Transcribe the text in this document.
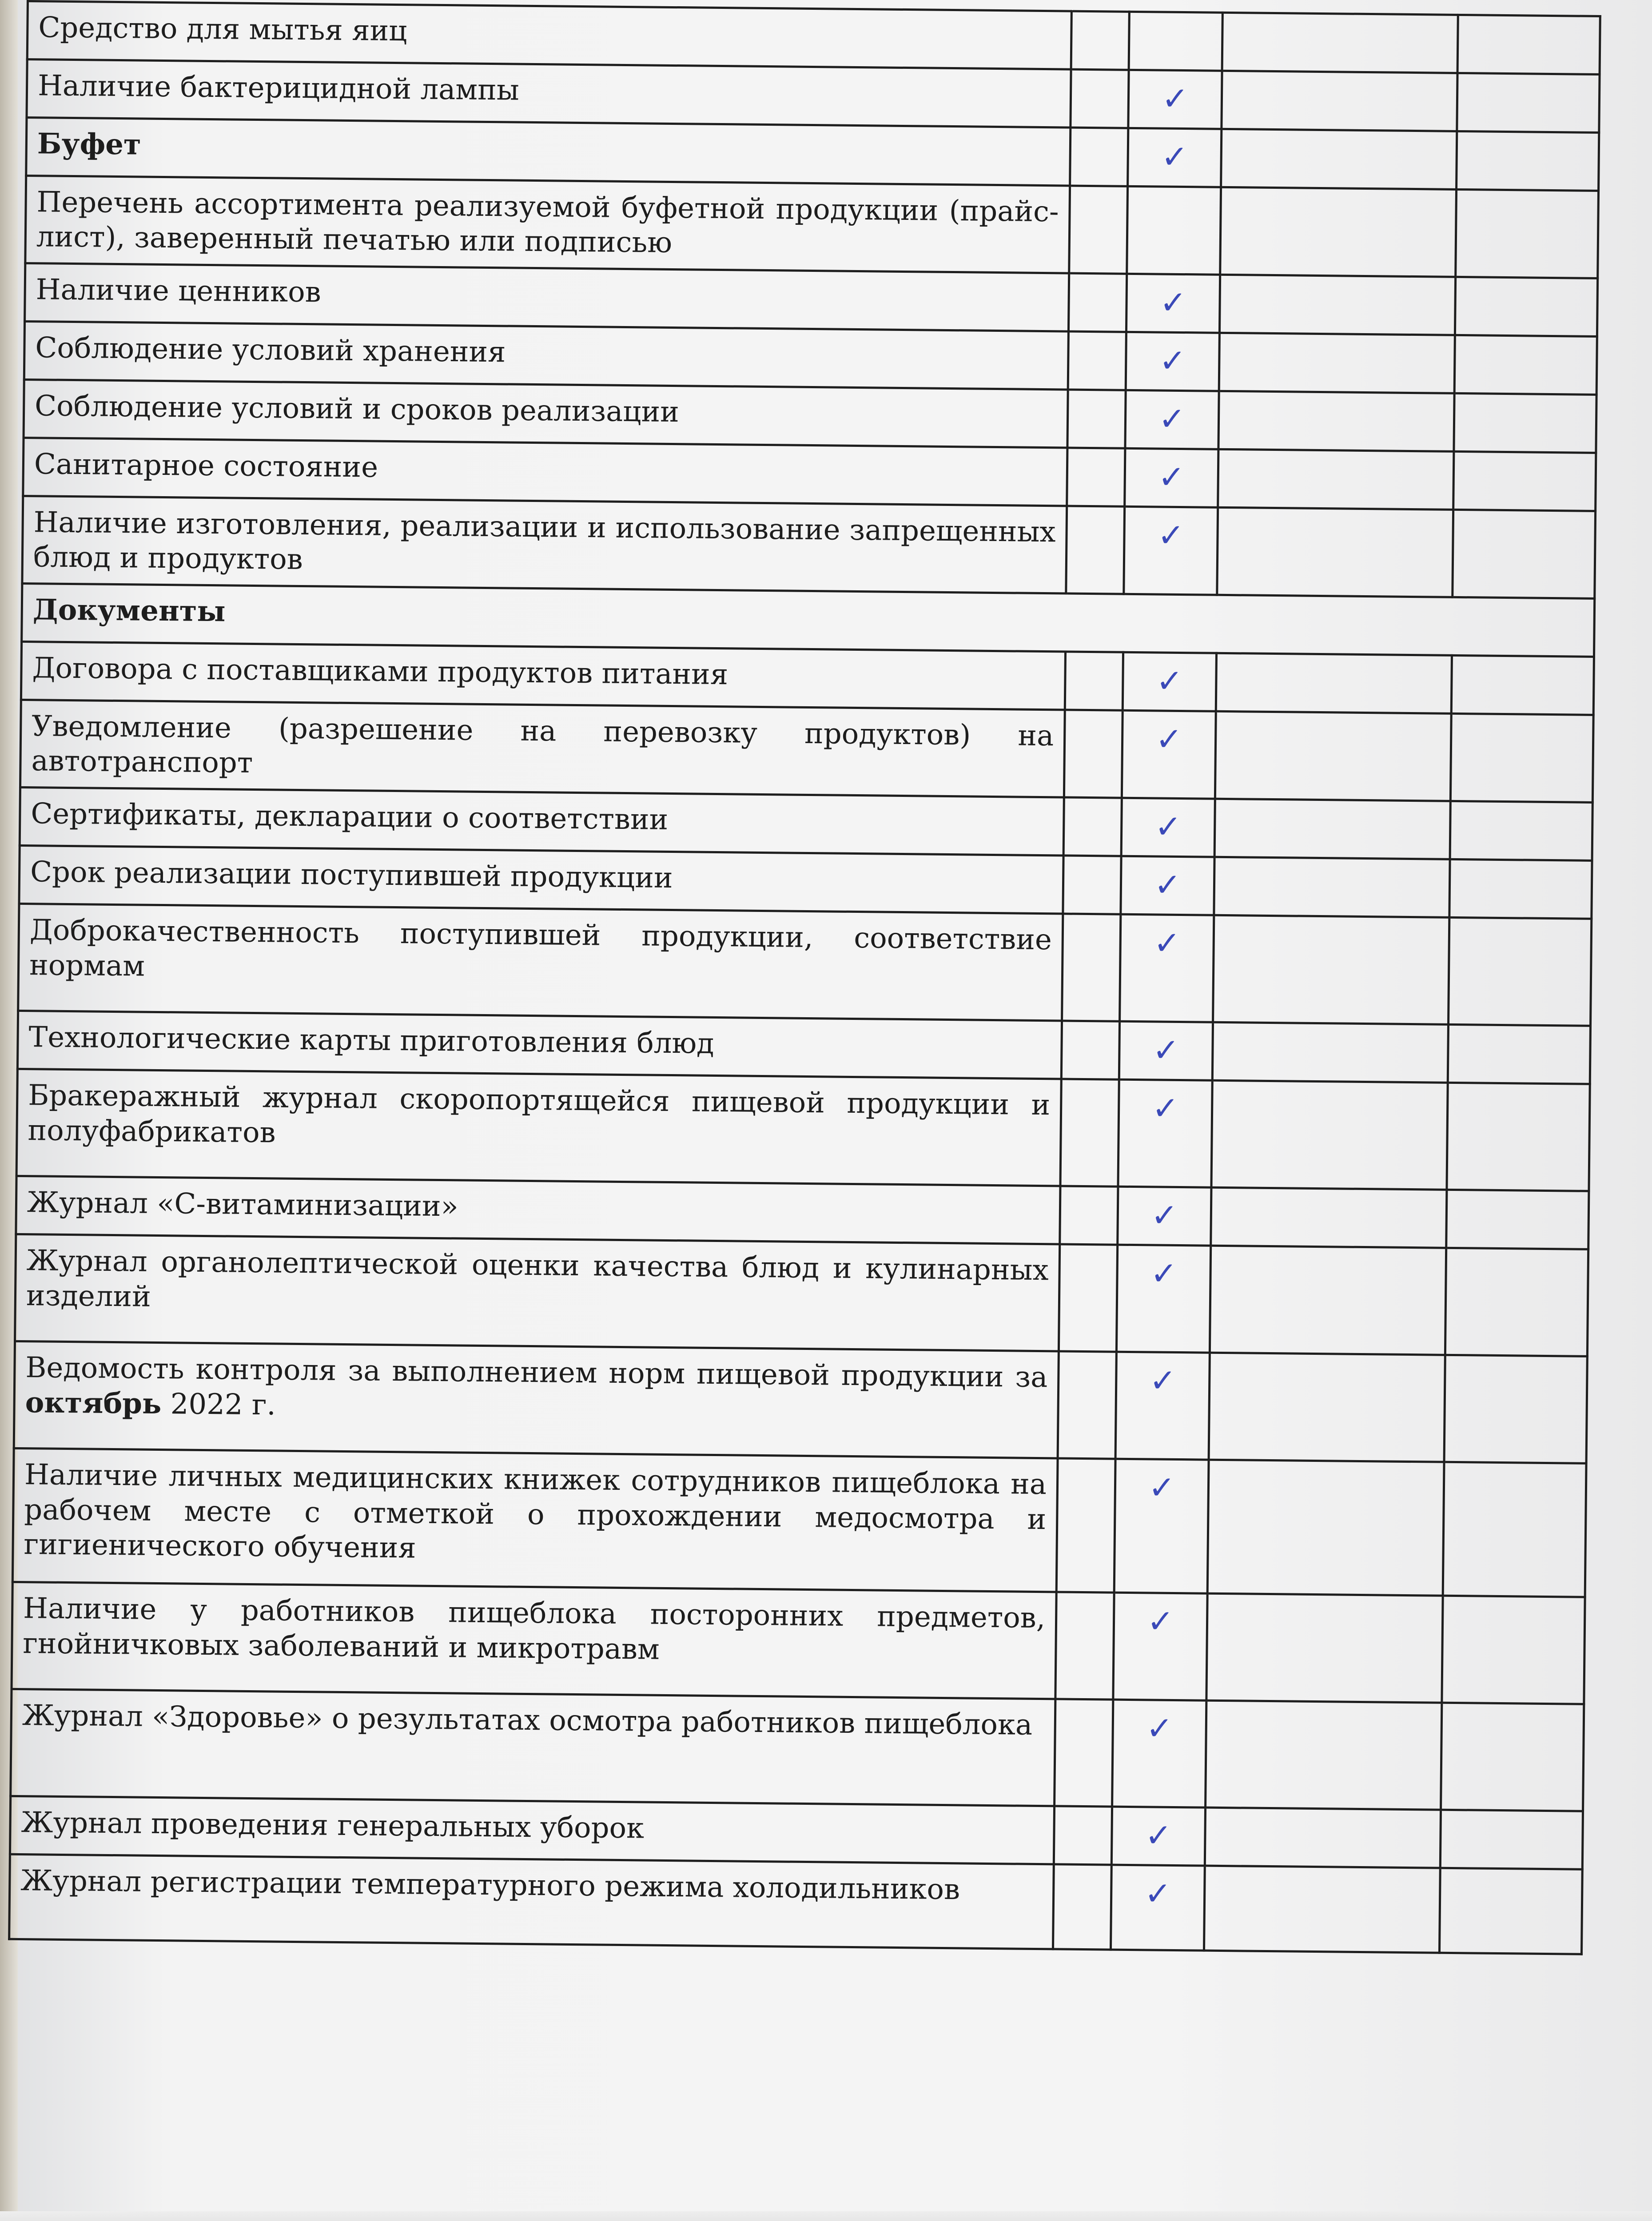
Средство для мытья яиц				
Наличие бактерицидной лампы		✓		
Буфет		✓		
Перечень ассортимента реализуемой буфетной продукции (прайс-лист), заверенный печатью или подписью				
Наличие ценников		✓		
Соблюдение условий хранения		✓		
Соблюдение условий и сроков реализации		✓		
Санитарное состояние		✓		
Наличие изготовления, реализации и использование запрещенных блюд и продуктов		✓		
Документы				
Договора с поставщиками продуктов питания		✓		
Уведомление (разрешение на перевозку продуктов) на автотранспорт		✓		
Сертификаты, декларации о соответствии		✓		
Срок реализации поступившей продукции		✓		
Доброкачественность поступившей продукции, соответствие нормам		✓		
Технологические карты приготовления блюд		✓		
Бракеражный журнал скоропортящейся пищевой продукции и полуфабрикатов		✓		
Журнал «С-витаминизации»		✓		
Журнал органолептической оценки качества блюд и кулинарных изделий		✓		
Ведомость контроля за выполнением норм пищевой продукции за октябрь 2022 г.		✓		
Наличие личных медицинских книжек сотрудников пищеблока на рабочем месте с отметкой о прохождении медосмотра и гигиенического обучения		✓		
Наличие у работников пищеблока посторонних предметов, гнойничковых заболеваний и микротравм		✓		
Журнал «Здоровье» о результатах осмотра работников пищеблока		✓		
Журнал проведения генеральных уборок		✓		
Журнал регистрации температурного режима холодильников		✓		
